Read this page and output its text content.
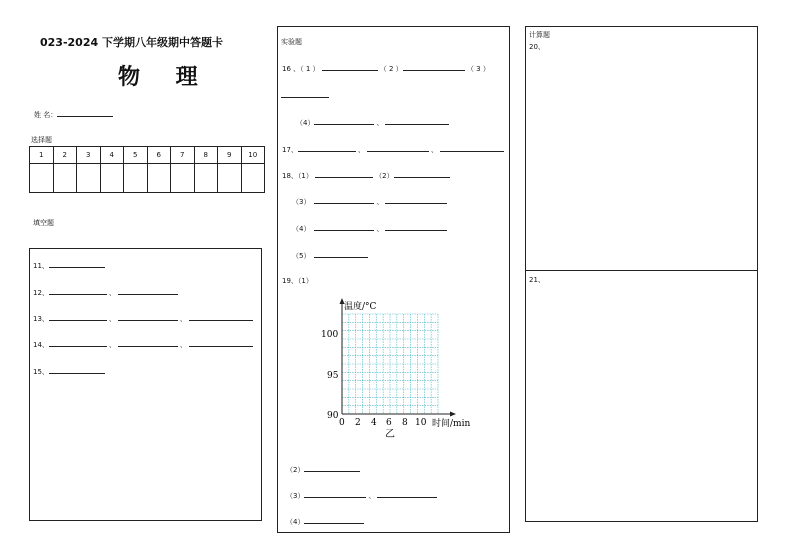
023-2024 下学期八年级期中答题卡
物 理
姓 名：
选择题
1	2	3	4	5	6	7	8	9	10

填空题
11、
12、	、
13、	、	、
14、	、	、
15、
实验题
16 、（ 1 ）	（ 2 ）	（ 3 ）
（4）	、
17、	、	、
18、（1）	（2）
（3）	、
（4）	、
（5）
19、（1）
温度/°C
时间/min
乙
100
95
90
0 2 4 6 8 10
（2）
（3）	、
（4）
计算题
20、
21、
